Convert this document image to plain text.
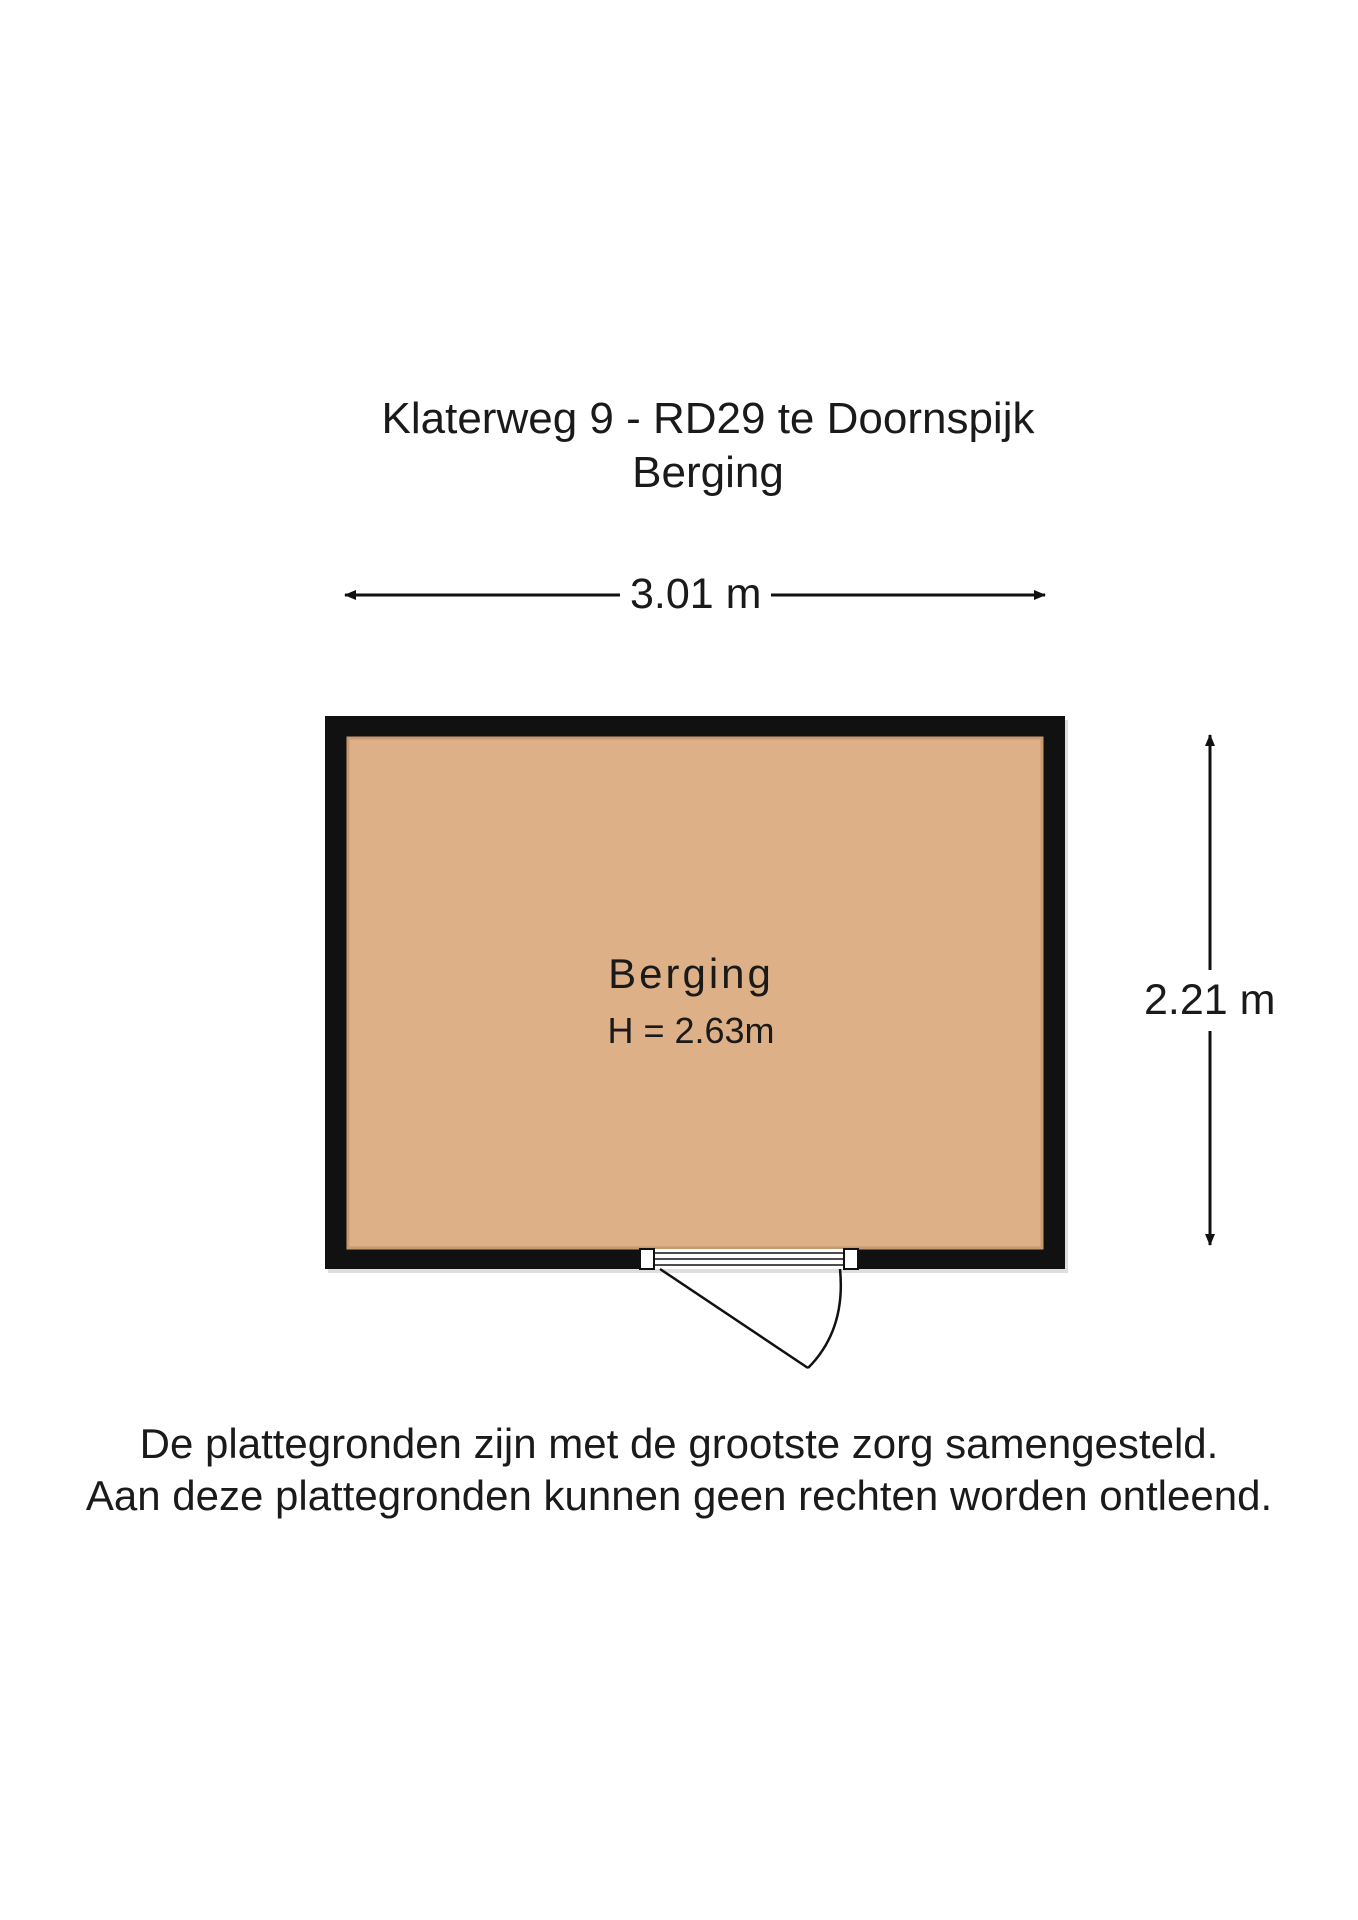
Klaterweg 9 - RD29 te Doornspijk
Berging
3.01 m
2.21 m
Berging
H = 2.63m
De plattegronden zijn met de grootste zorg samengesteld.
Aan deze plattegronden kunnen geen rechten worden ontleend.
